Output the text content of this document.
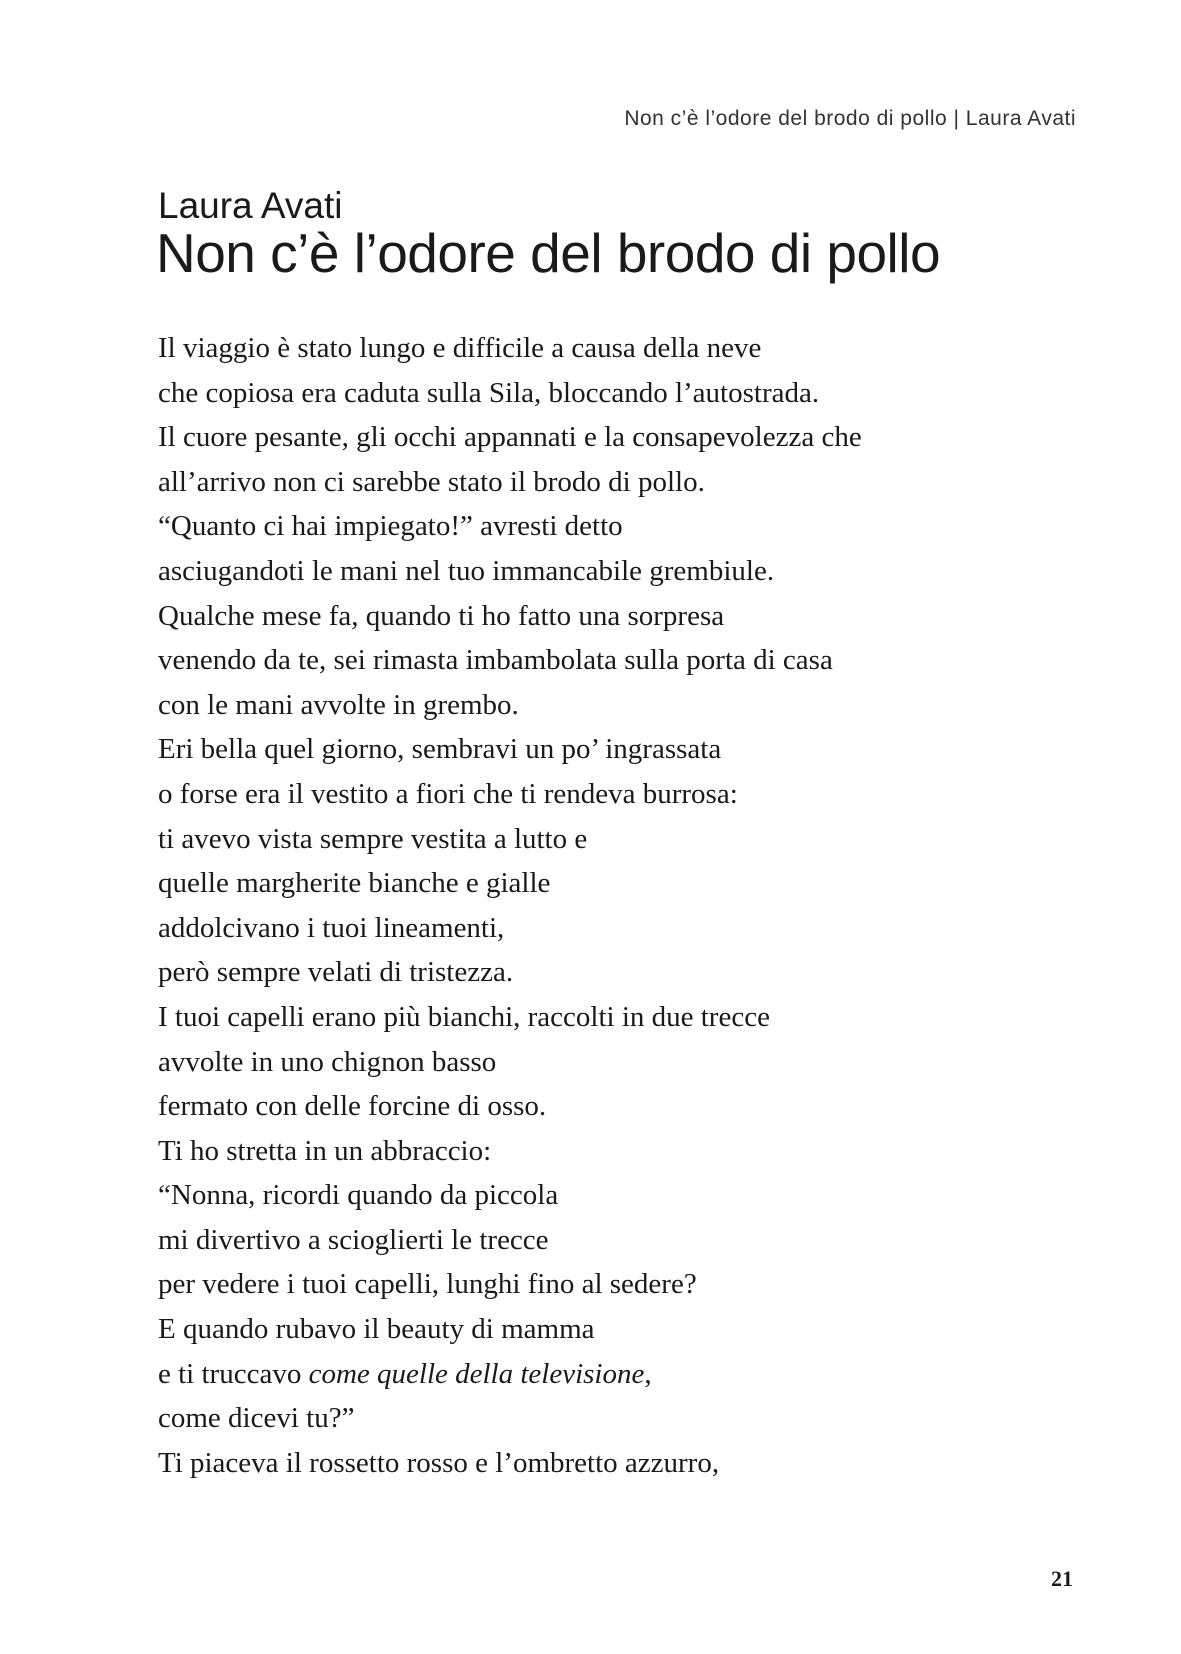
Non c’è l’odore del brodo di pollo | Laura Avati
Laura Avati
Non c’è l’odore del brodo di pollo
Il viaggio è stato lungo e difficile a causa della neve
che copiosa era caduta sulla Sila, bloccando l’autostrada.
Il cuore pesante, gli occhi appannati e la consapevolezza che
all’arrivo non ci sarebbe stato il brodo di pollo.
“Quanto ci hai impiegato!” avresti detto
asciugandoti le mani nel tuo immancabile grembiule.
Qualche mese fa, quando ti ho fatto una sorpresa
venendo da te, sei rimasta imbambolata sulla porta di casa
con le mani avvolte in grembo.
Eri bella quel giorno, sembravi un po’ ingrassata
o forse era il vestito a fiori che ti rendeva burrosa:
ti avevo vista sempre vestita a lutto e
quelle margherite bianche e gialle
addolcivano i tuoi lineamenti,
però sempre velati di tristezza.
I tuoi capelli erano più bianchi, raccolti in due trecce
avvolte in uno chignon basso
fermato con delle forcine di osso.
Ti ho stretta in un abbraccio:
“Nonna, ricordi quando da piccola
mi divertivo a scioglierti le trecce
per vedere i tuoi capelli, lunghi fino al sedere?
E quando rubavo il beauty di mamma
e ti truccavo come quelle della televisione,
come dicevi tu?”
Ti piaceva il rossetto rosso e l’ombretto azzurro,
21
